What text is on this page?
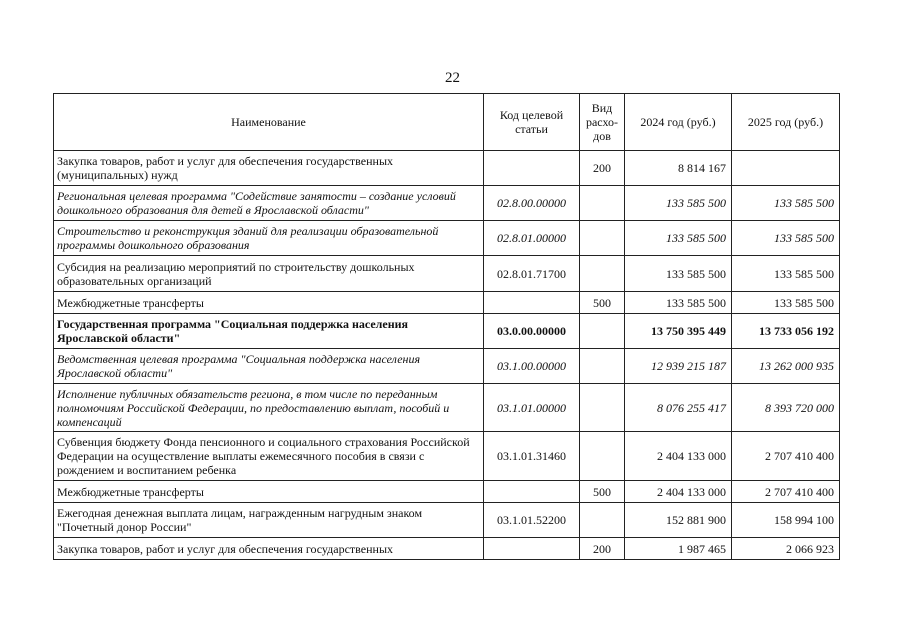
22
Наименование	Код целевой статьи	Вид расхо-дов	2024 год (руб.)	2025 год (руб.)
Закупка товаров, работ и услуг для обеспечения государственных (муниципальных) нужд		200	8 814 167	
Региональная целевая программа "Содействие занятости – создание условий дошкольного образования для детей в Ярославской области"	02.8.00.00000		133 585 500	133 585 500
Строительство и реконструкция зданий для реализации образовательной программы дошкольного образования	02.8.01.00000		133 585 500	133 585 500
Субсидия на реализацию мероприятий по строительству дошкольных образовательных организаций	02.8.01.71700		133 585 500	133 585 500
Межбюджетные трансферты		500	133 585 500	133 585 500
Государственная программа "Социальная поддержка населения Ярославской области"	03.0.00.00000		13 750 395 449	13 733 056 192
Ведомственная целевая программа "Социальная поддержка населения Ярославской области"	03.1.00.00000		12 939 215 187	13 262 000 935
Исполнение публичных обязательств региона, в том числе по переданным полномочиям Российской Федерации, по предоставлению выплат, пособий и компенсаций	03.1.01.00000		8 076 255 417	8 393 720 000
Субвенция бюджету Фонда пенсионного и социального страхования Российской Федерации на осуществление выплаты ежемесячного пособия в связи с рождением и воспитанием ребенка	03.1.01.31460		2 404 133 000	2 707 410 400
Межбюджетные трансферты		500	2 404 133 000	2 707 410 400
Ежегодная денежная выплата лицам, награжденным нагрудным знаком "Почетный донор России"	03.1.01.52200		152 881 900	158 994 100
Закупка товаров, работ и услуг для обеспечения государственных		200	1 987 465	2 066 923
